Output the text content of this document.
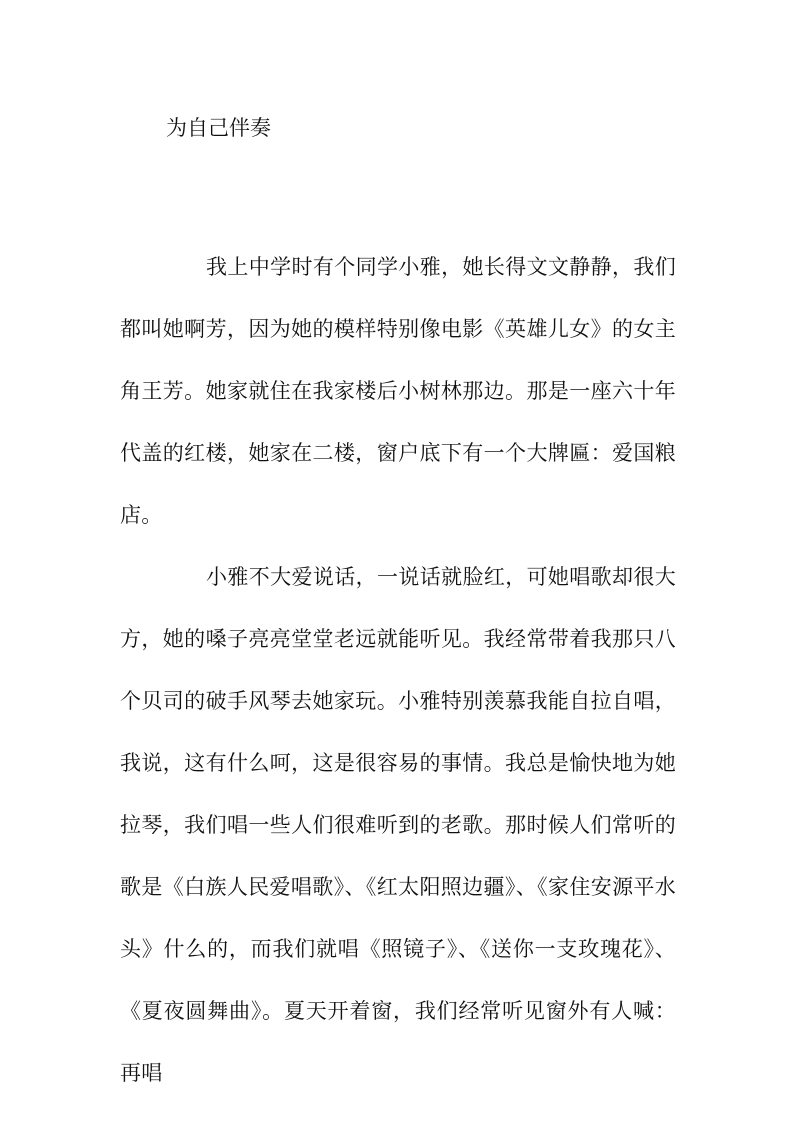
为自己伴奏

我上中学时有个同学小雅，她长得文文静静，我们都叫她啊芳，因为她的模样特别像电影《英雄儿女》的女主角王芳。她家就住在我家楼后小树林那边。那是一座六十年代盖的红楼，她家在二楼，窗户底下有一个大牌匾：爱国粮店。

小雅不大爱说话，一说话就脸红，可她唱歌却很大方，她的嗓子亮亮堂堂老远就能听见。我经常带着我那只八个贝司的破手风琴去她家玩。小雅特别羡慕我能自拉自唱，我说，这有什么呵，这是很容易的事情。我总是愉快地为她拉琴，我们唱一些人们很难听到的老歌。那时候人们常听的歌是《白族人民爱唱歌》、《红太阳照边疆》、《家住安源平水头》什么的，而我们就唱《照镜子》、《送你一支玫瑰花》、《夏夜圆舞曲》。夏天开着窗，我们经常听见窗外有人喊：再唱
